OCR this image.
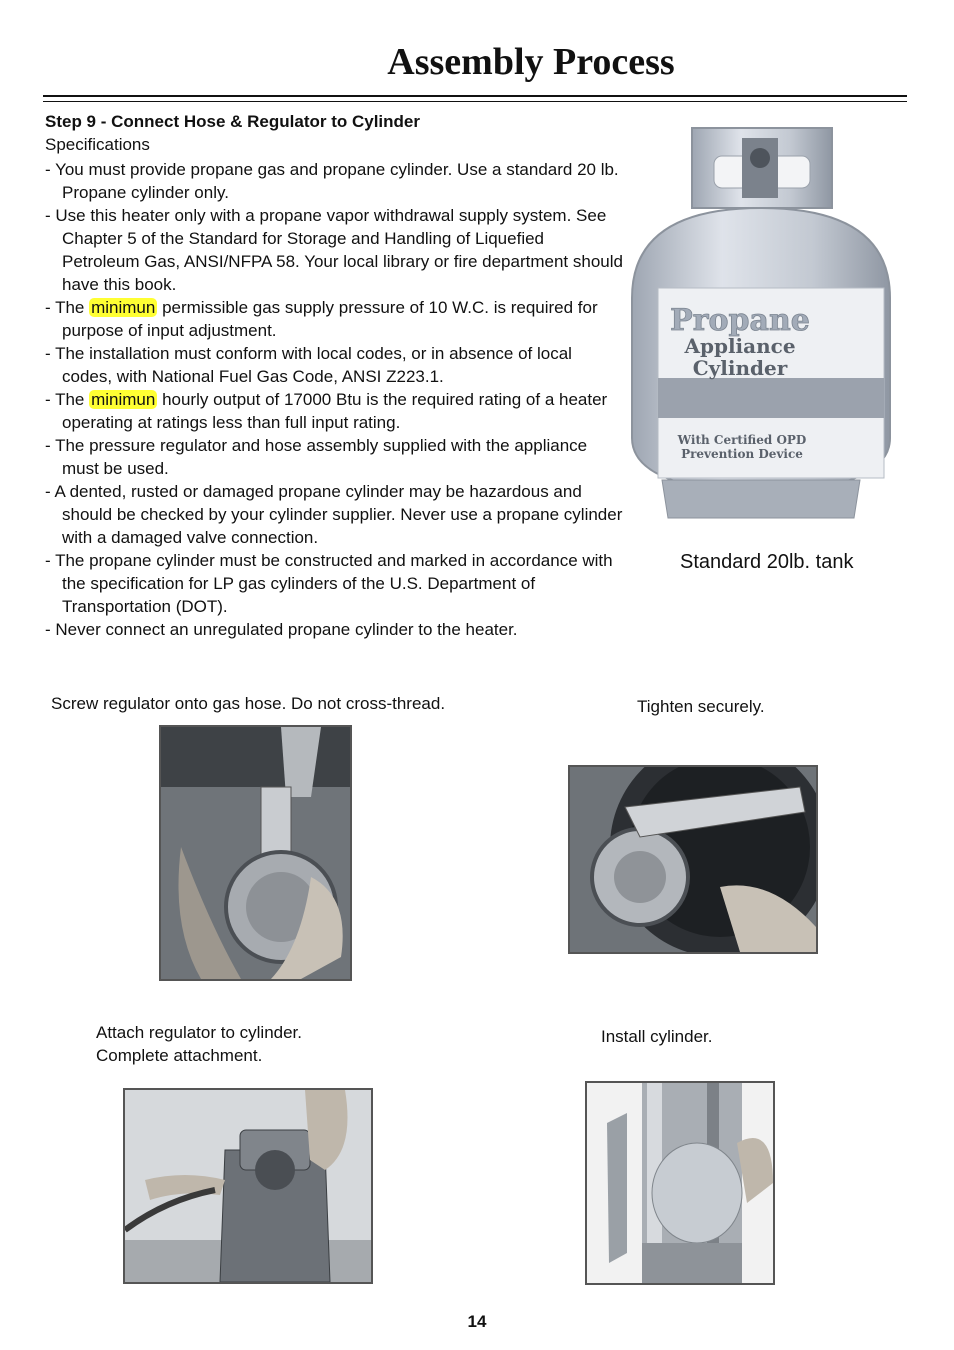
Assembly Process
Step 9 - Connect Hose & Regulator to Cylinder
Specifications
- You must provide propane gas and propane cylinder. Use a standard 20 lb. Propane cylinder only.
- Use this heater only with a propane vapor withdrawal supply system. See Chapter 5 of the Standard for Storage and Handling of Liquefied Petroleum Gas, ANSI/NFPA 58. Your local library or fire department should have this book.
- The minimun permissible gas supply pressure of 10 W.C. is required for purpose of input adjustment.
- The installation must conform with local codes, or in absence of local codes, with National Fuel Gas Code, ANSI Z223.1.
- The minimun hourly output of 17000 Btu is the required rating of a heater operating at ratings less than full input rating.
- The pressure regulator and hose assembly supplied with the appliance must be used.
- A dented, rusted or damaged propane cylinder may be hazardous and should be checked by your cylinder supplier. Never use a propane cylinder with a damaged valve connection.
- The propane cylinder must be constructed and marked in accordance with the specification for LP gas cylinders of the U.S. Department of Transportation (DOT).
- Never connect an unregulated propane cylinder to the heater.
Propane
Appliance
Cylinder
With Certified OPD
Prevention Device
Standard 20lb. tank
Screw regulator onto gas hose. Do not cross-thread.	Tighten securely.
Attach regulator to cylinder.
Complete attachment.
Install cylinder.
14
